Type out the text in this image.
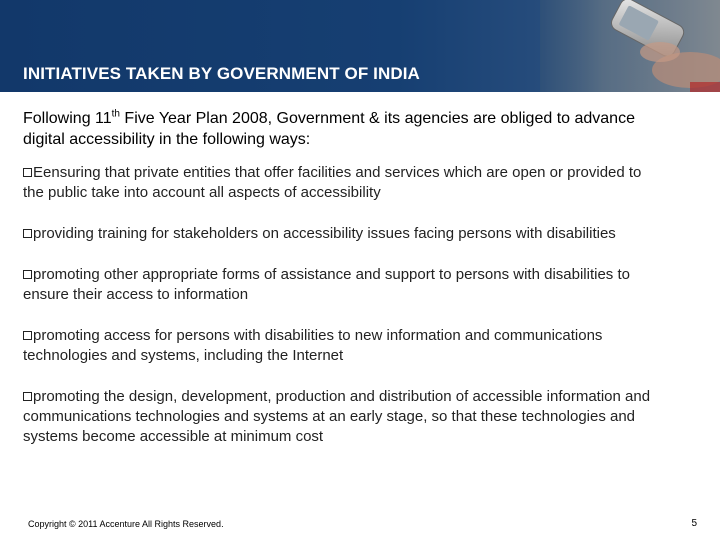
INITIATIVES TAKEN BY GOVERNMENT OF INDIA

Following 11th Five Year Plan 2008, Government & its agencies are obliged to advance digital accessibility in the following ways:

Eensuring that private entities that offer facilities and services which are open or provided to the public take into account all aspects of accessibility

providing training for stakeholders on accessibility issues facing persons with disabilities

promoting other appropriate forms of assistance and support to persons with disabilities to ensure their access to information

promoting access for persons with disabilities to new information and communications technologies and systems, including the Internet

promoting the design, development, production and distribution of accessible information and communications technologies and systems at an early stage, so that these technologies and systems become accessible at minimum cost

Copyright © 2011 Accenture All Rights Reserved.	5
